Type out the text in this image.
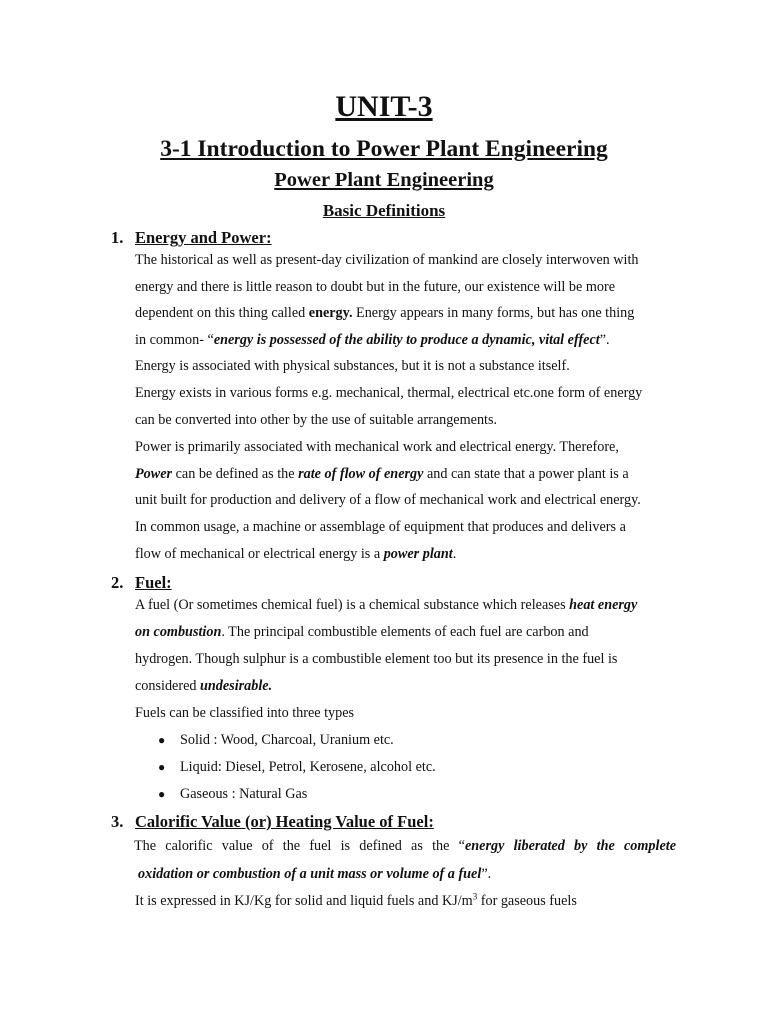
UNIT-3
3-1 Introduction to Power Plant Engineering
Power Plant Engineering
Basic Definitions
1. Energy and Power:
The historical as well as present-day civilization of mankind are closely interwoven with
energy and there is little reason to doubt but in the future, our existence will be more
dependent on this thing called energy. Energy appears in many forms, but has one thing
in common- “energy is possessed of the ability to produce a dynamic, vital effect”.
Energy is associated with physical substances, but it is not a substance itself.
Energy exists in various forms e.g. mechanical, thermal, electrical etc.one form of energy
can be converted into other by the use of suitable arrangements.
Power is primarily associated with mechanical work and electrical energy. Therefore,
Power can be defined as the rate of flow of energy and can state that a power plant is a
unit built for production and delivery of a flow of mechanical work and electrical energy.
In common usage, a machine or assemblage of equipment that produces and delivers a
flow of mechanical or electrical energy is a power plant.
2. Fuel:
A fuel (Or sometimes chemical fuel) is a chemical substance which releases heat energy
on combustion. The principal combustible elements of each fuel are carbon and
hydrogen. Though sulphur is a combustible element too but its presence in the fuel is
considered undesirable.
Fuels can be classified into three types
● Solid : Wood, Charcoal, Uranium etc.
● Liquid: Diesel, Petrol, Kerosene, alcohol etc.
● Gaseous : Natural Gas
3. Calorific Value (or) Heating Value of Fuel:
The calorific value of the fuel is defined as the “energy liberated by the complete
oxidation or combustion of a unit mass or volume of a fuel”.
It is expressed in KJ/Kg for solid and liquid fuels and $KJ/m^3$ for gaseous fuels
